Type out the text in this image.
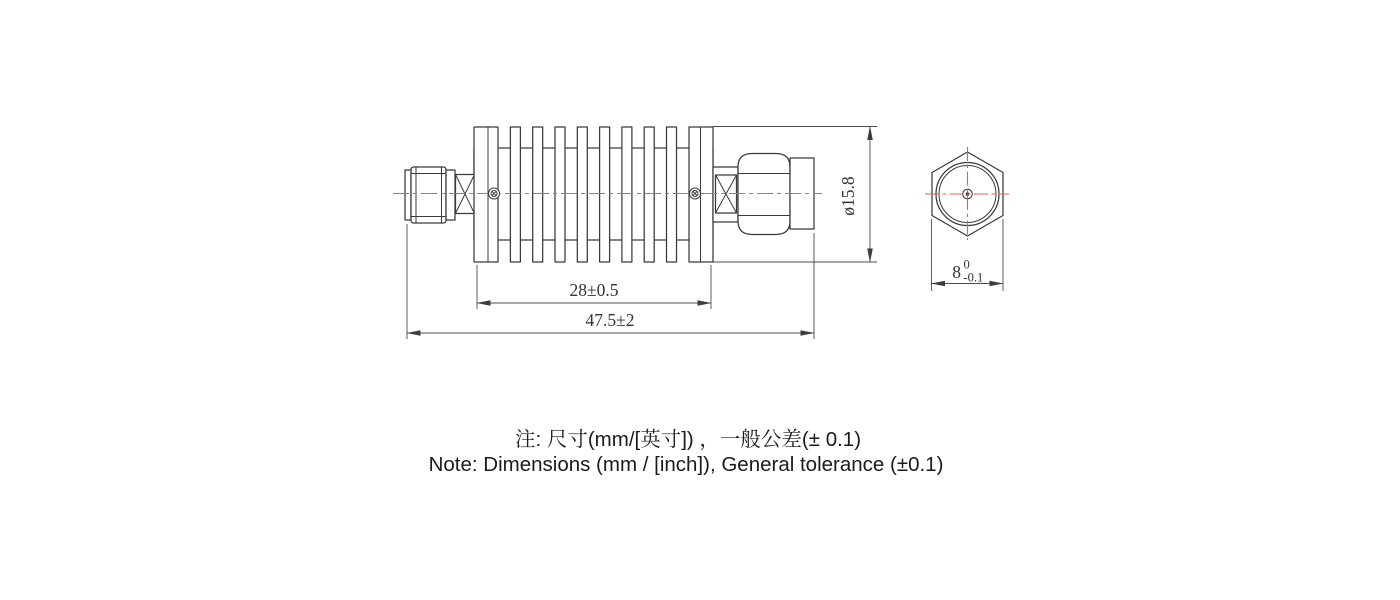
ø15.8
28±0.5
47.5±2
8 0
-0.1
注: 尺寸(mm/[英寸]) ，一般公差(± 0.1)
Note: Dimensions (mm / [inch]), General tolerance (±0.1)
